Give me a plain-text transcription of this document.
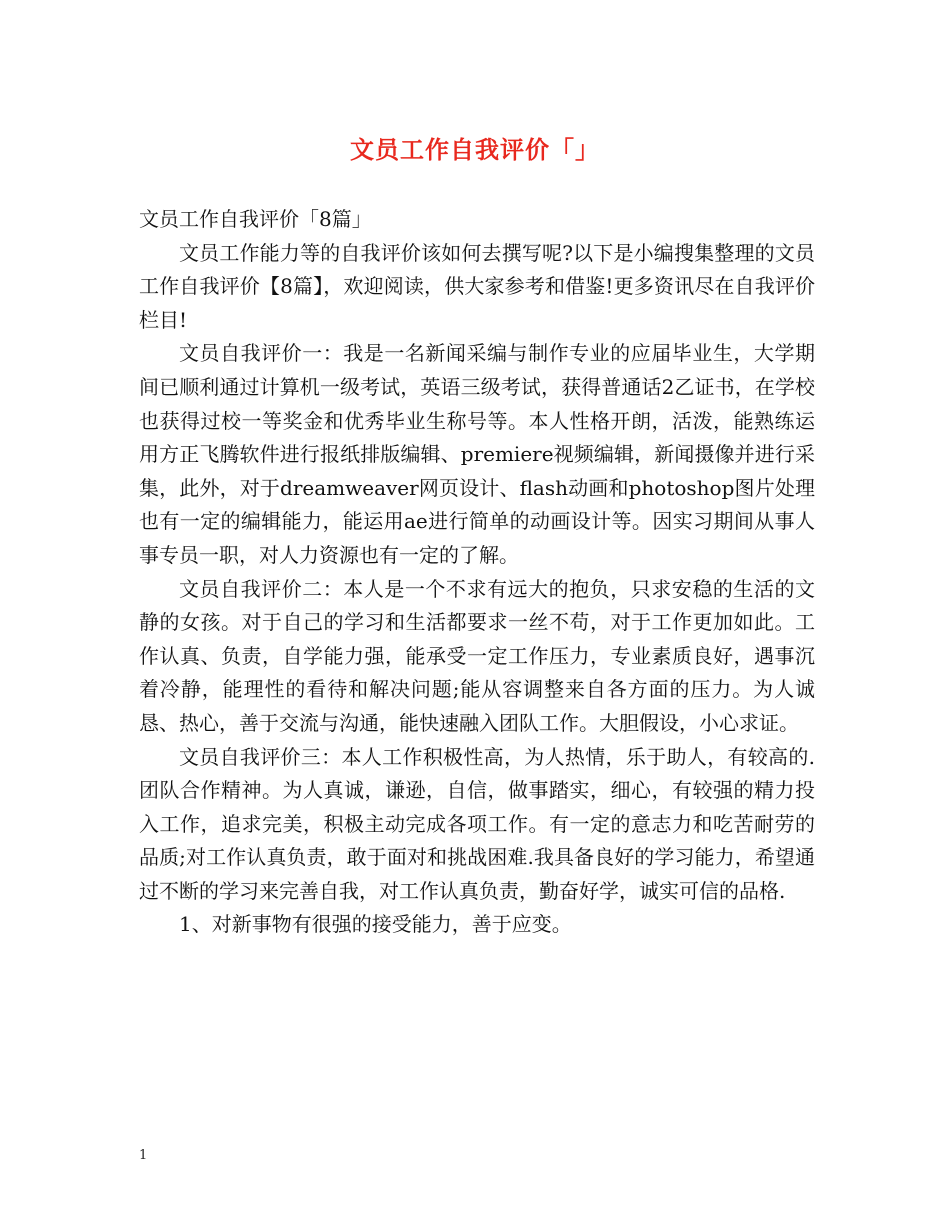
文员工作自我评价「」

文员工作自我评价「8篇」

文员工作能力等的自我评价该如何去撰写呢?以下是小编搜集整理的文员工作自我评价【8篇】，欢迎阅读，供大家参考和借鉴!更多资讯尽在自我评价栏目!

文员自我评价一：我是一名新闻采编与制作专业的应届毕业生，大学期间已顺利通过计算机一级考试，英语三级考试，获得普通话2乙证书，在学校也获得过校一等奖金和优秀毕业生称号等。本人性格开朗，活泼，能熟练运用方正飞腾软件进行报纸排版编辑、premiere视频编辑，新闻摄像并进行采集，此外，对于dreamweaver网页设计、flash动画和photoshop图片处理也有一定的编辑能力，能运用ae进行简单的动画设计等。因实习期间从事人事专员一职，对人力资源也有一定的了解。

文员自我评价二：本人是一个不求有远大的抱负，只求安稳的生活的文静的女孩。对于自己的学习和生活都要求一丝不苟，对于工作更加如此。工作认真、负责，自学能力强，能承受一定工作压力，专业素质良好，遇事沉着冷静，能理性的看待和解决问题;能从容调整来自各方面的压力。为人诚恳、热心，善于交流与沟通，能快速融入团队工作。大胆假设，小心求证。

文员自我评价三：本人工作积极性高，为人热情，乐于助人，有较高的.团队合作精神。为人真诚，谦逊，自信，做事踏实，细心，有较强的精力投入工作，追求完美，积极主动完成各项工作。有一定的意志力和吃苦耐劳的品质;对工作认真负责，敢于面对和挑战困难.我具备良好的学习能力，希望通过不断的学习来完善自我，对工作认真负责，勤奋好学，诚实可信的品格.

1、对新事物有很强的接受能力，善于应变。

1
